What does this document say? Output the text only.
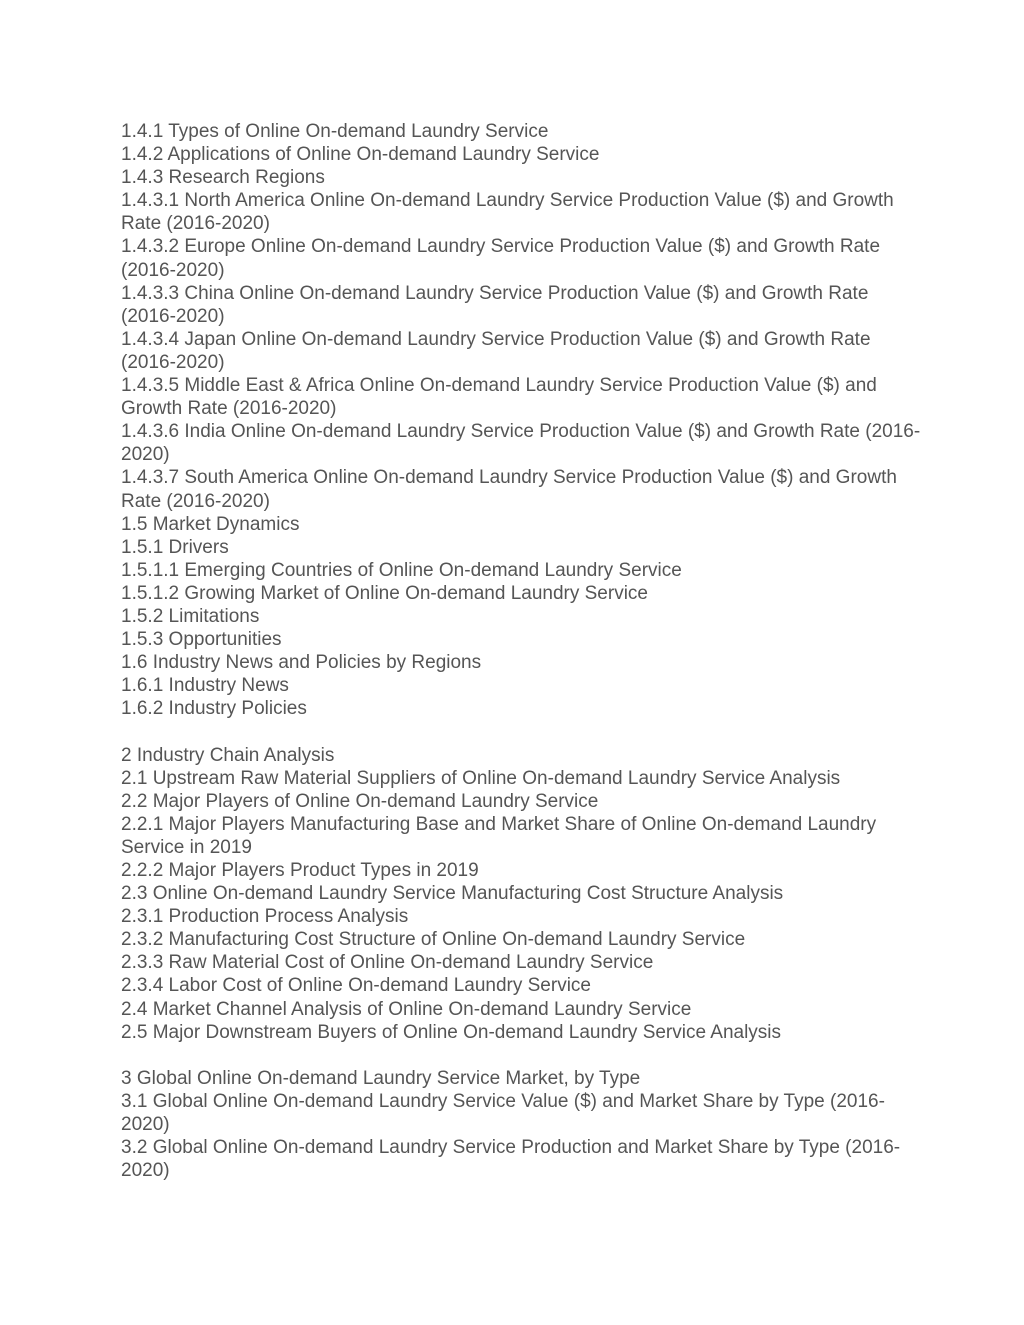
1.4.1 Types of Online On-demand Laundry Service

1.4.2 Applications of Online On-demand Laundry Service

1.4.3 Research Regions

1.4.3.1 North America Online On-demand Laundry Service Production Value ($) and Growth Rate (2016-2020)

1.4.3.2 Europe Online On-demand Laundry Service Production Value ($) and Growth Rate (2016-2020)

1.4.3.3 China Online On-demand Laundry Service Production Value ($) and Growth Rate (2016-2020)

1.4.3.4 Japan Online On-demand Laundry Service Production Value ($) and Growth Rate (2016-2020)

1.4.3.5 Middle East & Africa Online On-demand Laundry Service Production Value ($) and Growth Rate (2016-2020)

1.4.3.6 India Online On-demand Laundry Service Production Value ($) and Growth Rate (2016-2020)

1.4.3.7 South America Online On-demand Laundry Service Production Value ($) and Growth Rate (2016-2020)

1.5 Market Dynamics

1.5.1 Drivers

1.5.1.1 Emerging Countries of Online On-demand Laundry Service

1.5.1.2 Growing Market of Online On-demand Laundry Service

1.5.2 Limitations

1.5.3 Opportunities

1.6 Industry News and Policies by Regions

1.6.1 Industry News

1.6.2 Industry Policies

2 Industry Chain Analysis

2.1 Upstream Raw Material Suppliers of Online On-demand Laundry Service Analysis

2.2 Major Players of Online On-demand Laundry Service

2.2.1 Major Players Manufacturing Base and Market Share of Online On-demand Laundry Service in 2019

2.2.2 Major Players Product Types in 2019

2.3 Online On-demand Laundry Service Manufacturing Cost Structure Analysis

2.3.1 Production Process Analysis

2.3.2 Manufacturing Cost Structure of Online On-demand Laundry Service

2.3.3 Raw Material Cost of Online On-demand Laundry Service

2.3.4 Labor Cost of Online On-demand Laundry Service

2.4 Market Channel Analysis of Online On-demand Laundry Service

2.5 Major Downstream Buyers of Online On-demand Laundry Service Analysis

3 Global Online On-demand Laundry Service Market, by Type

3.1 Global Online On-demand Laundry Service Value ($) and Market Share by Type (2016-2020)

3.2 Global Online On-demand Laundry Service Production and Market Share by Type (2016-2020)
